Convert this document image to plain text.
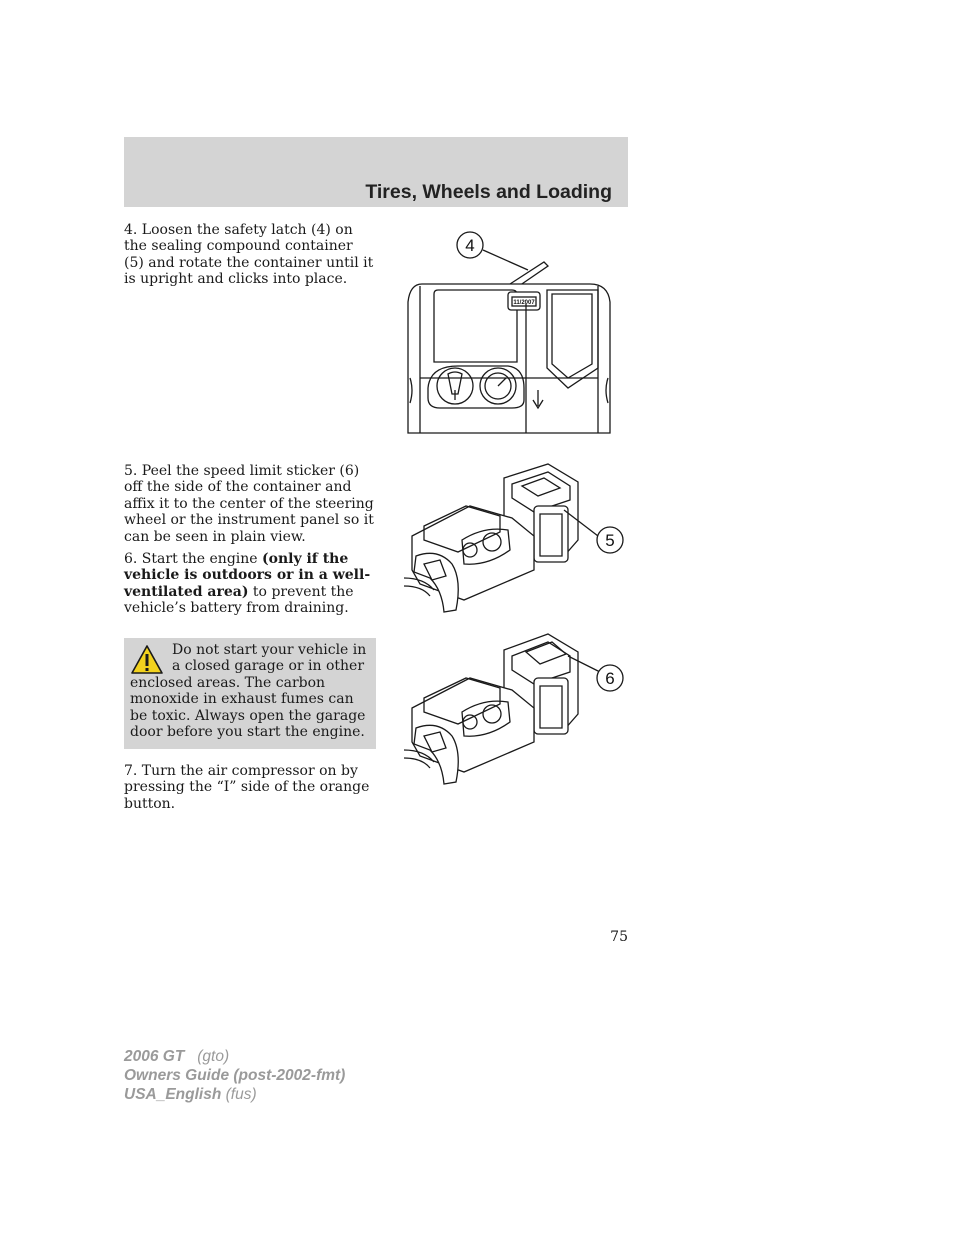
Tires, Wheels and Loading

4. Loosen the safety latch (4) on the sealing compound container (5) and rotate the container until it is upright and clicks into place.

4
11/2007

5. Peel the speed limit sticker (6) off the side of the container and affix it to the center of the steering wheel or the instrument panel so it can be seen in plain view.

6. Start the engine (only if the vehicle is outdoors or in a well-ventilated area) to prevent the vehicle’s battery from draining.

5

Do not start your vehicle in a closed garage or in other enclosed areas. The carbon monoxide in exhaust fumes can be toxic. Always open the garage door before you start the engine.

7. Turn the air compressor on by pressing the “I” side of the orange button.

6
75
2006 GT (gto)
Owners Guide (post-2002-fmt)
USA_English (fus)
